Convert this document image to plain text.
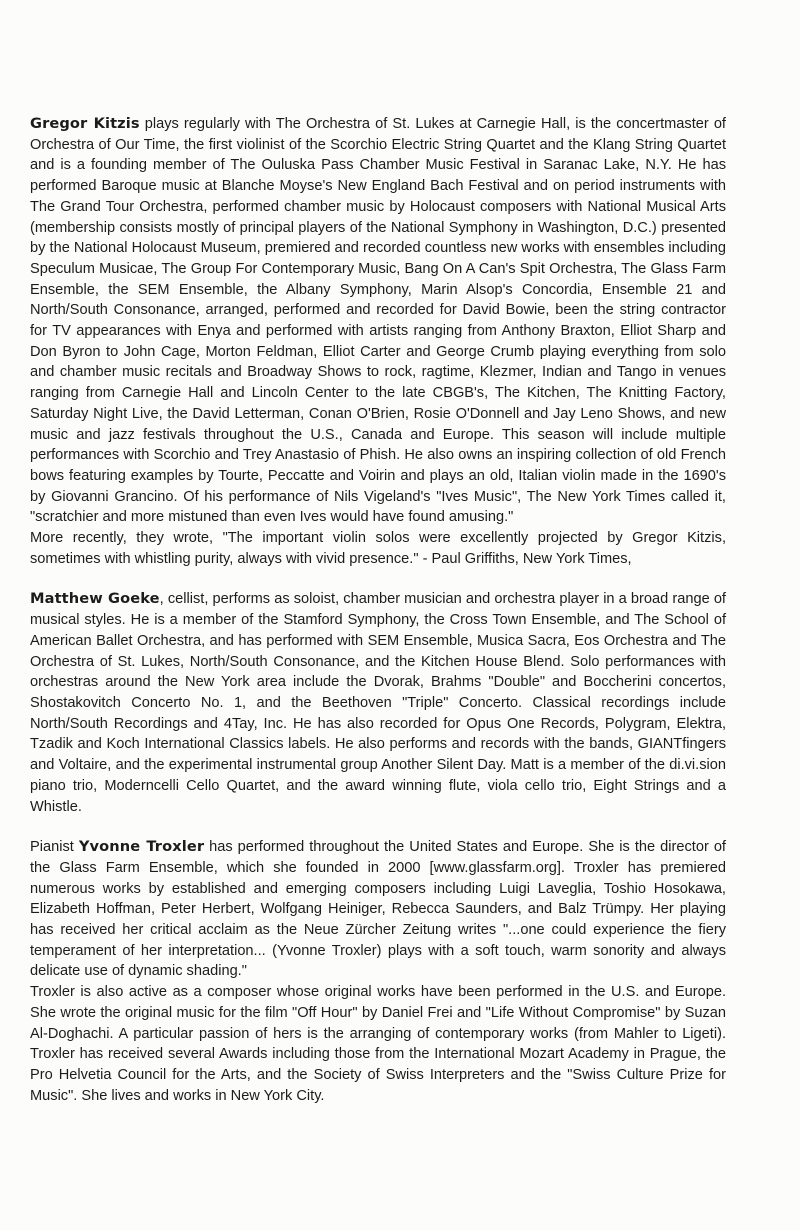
Gregor Kitzis plays regularly with The Orchestra of St. Lukes at Carnegie Hall, is the concertmaster of Orchestra of Our Time, the first violinist of the Scorchio Electric String Quartet and the Klang String Quartet and is a founding member of The Ouluska Pass Chamber Music Festival in Saranac Lake, N.Y. He has performed Baroque music at Blanche Moyse's New England Bach Festival and on period instruments with The Grand Tour Orchestra, performed chamber music by Holocaust composers with National Musical Arts (membership consists mostly of principal players of the National Symphony in Washington, D.C.) presented by the National Holocaust Museum, premiered and recorded countless new works with ensembles including Speculum Musicae, The Group For Contemporary Music, Bang On A Can's Spit Orchestra, The Glass Farm Ensemble, the SEM Ensemble, the Albany Symphony, Marin Alsop's Concordia, Ensemble 21 and North/South Consonance, arranged, performed and recorded for David Bowie, been the string contractor for TV appearances with Enya and performed with artists ranging from Anthony Braxton, Elliot Sharp and Don Byron to John Cage, Morton Feldman, Elliot Carter and George Crumb playing everything from solo and chamber music recitals and Broadway Shows to rock, ragtime, Klezmer, Indian and Tango in venues ranging from Carnegie Hall and Lincoln Center to the late CBGB's, The Kitchen, The Knitting Factory, Saturday Night Live, the David Letterman, Conan O'Brien, Rosie O'Donnell and Jay Leno Shows, and new music and jazz festivals throughout the U.S., Canada and Europe. This season will include multiple performances with Scorchio and Trey Anastasio of Phish. He also owns an inspiring collection of old French bows featuring examples by Tourte, Peccatte and Voirin and plays an old, Italian violin made in the 1690's by Giovanni Grancino. Of his performance of Nils Vigeland's "Ives Music", The New York Times called it, "scratchier and more mistuned than even Ives would have found amusing."

More recently, they wrote, "The important violin solos were excellently projected by Gregor Kitzis, sometimes with whistling purity, always with vivid presence." - Paul Griffiths, New York Times,

Matthew Goeke, cellist, performs as soloist, chamber musician and orchestra player in a broad range of musical styles. He is a member of the Stamford Symphony, the Cross Town Ensemble, and The School of American Ballet Orchestra, and has performed with SEM Ensemble, Musica Sacra, Eos Orchestra and The Orchestra of St. Lukes, North/South Consonance, and the Kitchen House Blend. Solo performances with orchestras around the New York area include the Dvorak, Brahms "Double" and Boccherini concertos, Shostakovitch Concerto No. 1, and the Beethoven "Triple" Concerto. Classical recordings include North/South Recordings and 4Tay, Inc. He has also recorded for Opus One Records, Polygram, Elektra, Tzadik and Koch International Classics labels. He also performs and records with the bands, GIANTfingers and Voltaire, and the experimental instrumental group Another Silent Day. Matt is a member of the di.vi.sion piano trio, Moderncelli Cello Quartet, and the award winning flute, viola cello trio, Eight Strings and a Whistle.

Pianist Yvonne Troxler has performed throughout the United States and Europe. She is the director of the Glass Farm Ensemble, which she founded in 2000 [www.glassfarm.org]. Troxler has premiered numerous works by established and emerging composers including Luigi Laveglia, Toshio Hosokawa, Elizabeth Hoffman, Peter Herbert, Wolfgang Heiniger, Rebecca Saunders, and Balz Trümpy. Her playing has received her critical acclaim as the Neue Zürcher Zeitung writes "...one could experience the fiery temperament of her interpretation... (Yvonne Troxler) plays with a soft touch, warm sonority and always delicate use of dynamic shading."

Troxler is also active as a composer whose original works have been performed in the U.S. and Europe. She wrote the original music for the film "Off Hour" by Daniel Frei and "Life Without Compromise" by Suzan Al-Doghachi. A particular passion of hers is the arranging of contemporary works (from Mahler to Ligeti). Troxler has received several Awards including those from the International Mozart Academy in Prague, the Pro Helvetia Council for the Arts, and the Society of Swiss Interpreters and the "Swiss Culture Prize for Music". She lives and works in New York City.
